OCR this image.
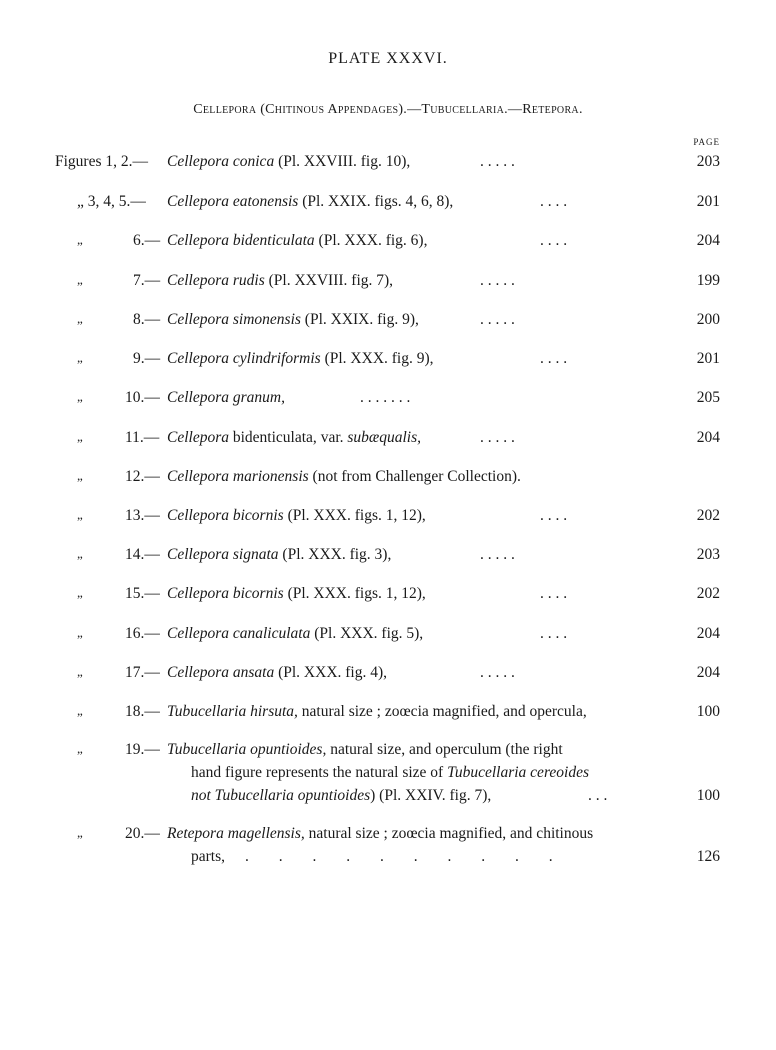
PLATE XXXVI.
Cellepora (Chitinous Appendages).—Tubucellaria.—Retepora.
PAGE
Figures 1, 2.— Cellepora conica (Pl. XXVIII. fig. 10),	. . . . .	203
„ 3, 4, 5.— Cellepora eatonensis (Pl. XXIX. figs. 4, 6, 8),	. . . .	201
„	6.— Cellepora bidenticulata (Pl. XXX. fig. 6),	. . . .	204
„	7.— Cellepora rudis (Pl. XXVIII. fig. 7),	. . . . .	199
„	8.— Cellepora simonensis (Pl. XXIX. fig. 9),	. . . . .	200
„	9.— Cellepora cylindriformis (Pl. XXX. fig. 9),	. . . .	201
„	10.— Cellepora granum,	. . . . . . .	205
„	11.— Cellepora bidenticulata, var. subæqualis,	. . . . .	204
„	12.— Cellepora marionensis (not from Challenger Collection).
„	13.— Cellepora bicornis (Pl. XXX. figs. 1, 12),	. . . .	202
„	14.— Cellepora signata (Pl. XXX. fig. 3),	. . . . .	203
„	15.— Cellepora bicornis (Pl. XXX. figs. 1, 12),	. . . .	202
„	16.— Cellepora canaliculata (Pl. XXX. fig. 5),	. . . .	204
„	17.— Cellepora ansata (Pl. XXX. fig. 4),	. . . . .	204
„	18.— Tubucellaria hirsuta, natural size ; zoœcia magnified, and opercula,	100
„	19.— Tubucellaria opuntioides, natural size, and operculum (the right
hand figure represents the natural size of Tubucellaria cereoides
not Tubucellaria opuntioides) (Pl. XXIV. fig. 7),	. . .	100
„	20.— Retepora magellensis, natural size ; zoœcia magnified, and chitinous
parts, . . . . . . . . . .	126
